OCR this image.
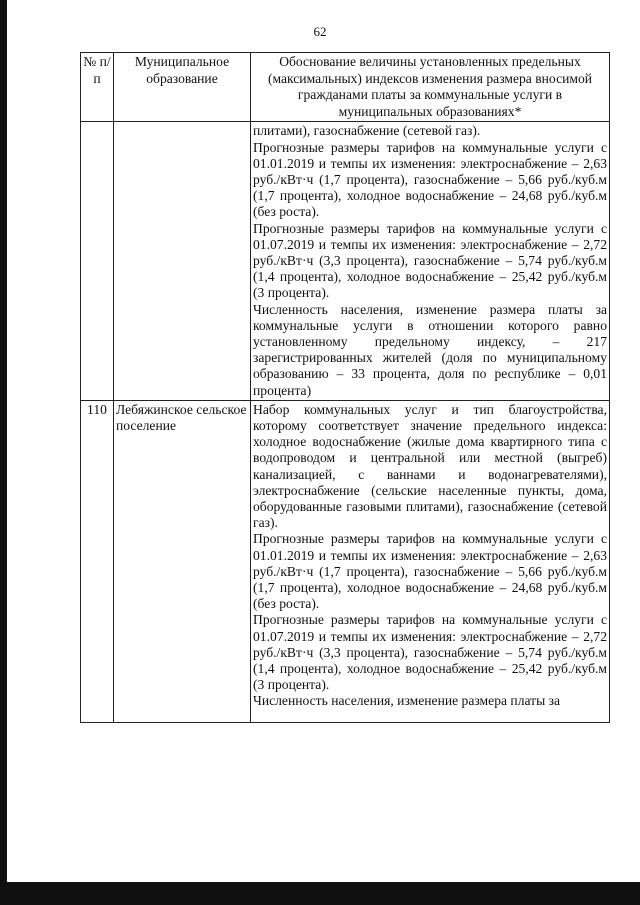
62
№ п/п	Муниципальное образование	Обоснование величины установленных предельных (максимальных) индексов изменения размера вносимой гражданами платы за коммунальные услуги в муниципальных образованиях*

		плитами), газоснабжение (сетевой газ).

Прогнозные размеры тарифов на коммунальные услуги с 01.01.2019 и темпы их изменения: электроснабжение – 2,63 руб./кВт·ч (1,7 процента), газоснабжение – 5,66 руб./куб.м (1,7 процента), холодное водоснабжение – 24,68 руб./куб.м (без роста).

Прогнозные размеры тарифов на коммунальные услуги с 01.07.2019 и темпы их изменения: электроснабжение – 2,72 руб./кВт·ч (3,3 процента), газоснабжение – 5,74 руб./куб.м (1,4 процента), холодное водоснабжение – 25,42 руб./куб.м (3 процента).

Численность населения, изменение размера платы за коммунальные услуги в отношении которого равно установленному предельному индексу, – 217 зарегистрированных жителей (доля по муниципальному образованию – 33 процента, доля по республике – 0,01 процента)

110	Лебяжинское сельское поселение	Набор коммунальных услуг и тип благоустройства, которому соответствует значение предельного индекса: холодное водоснабжение (жилые дома квартирного типа с водопроводом и центральной или местной (выгреб) канализацией, с ваннами и водонагревателями), электроснабжение (сельские населенные пункты, дома, оборудованные газовыми плитами), газоснабжение (сетевой газ).

Прогнозные размеры тарифов на коммунальные услуги с 01.01.2019 и темпы их изменения: электроснабжение – 2,63 руб./кВт·ч (1,7 процента), газоснабжение – 5,66 руб./куб.м (1,7 процента), холодное водоснабжение – 24,68 руб./куб.м (без роста).

Прогнозные размеры тарифов на коммунальные услуги с 01.07.2019 и темпы их изменения: электроснабжение – 2,72 руб./кВт·ч (3,3 процента), газоснабжение – 5,74 руб./куб.м (1,4 процента), холодное водоснабжение – 25,42 руб./куб.м (3 процента).

Численность населения, изменение размера платы за
